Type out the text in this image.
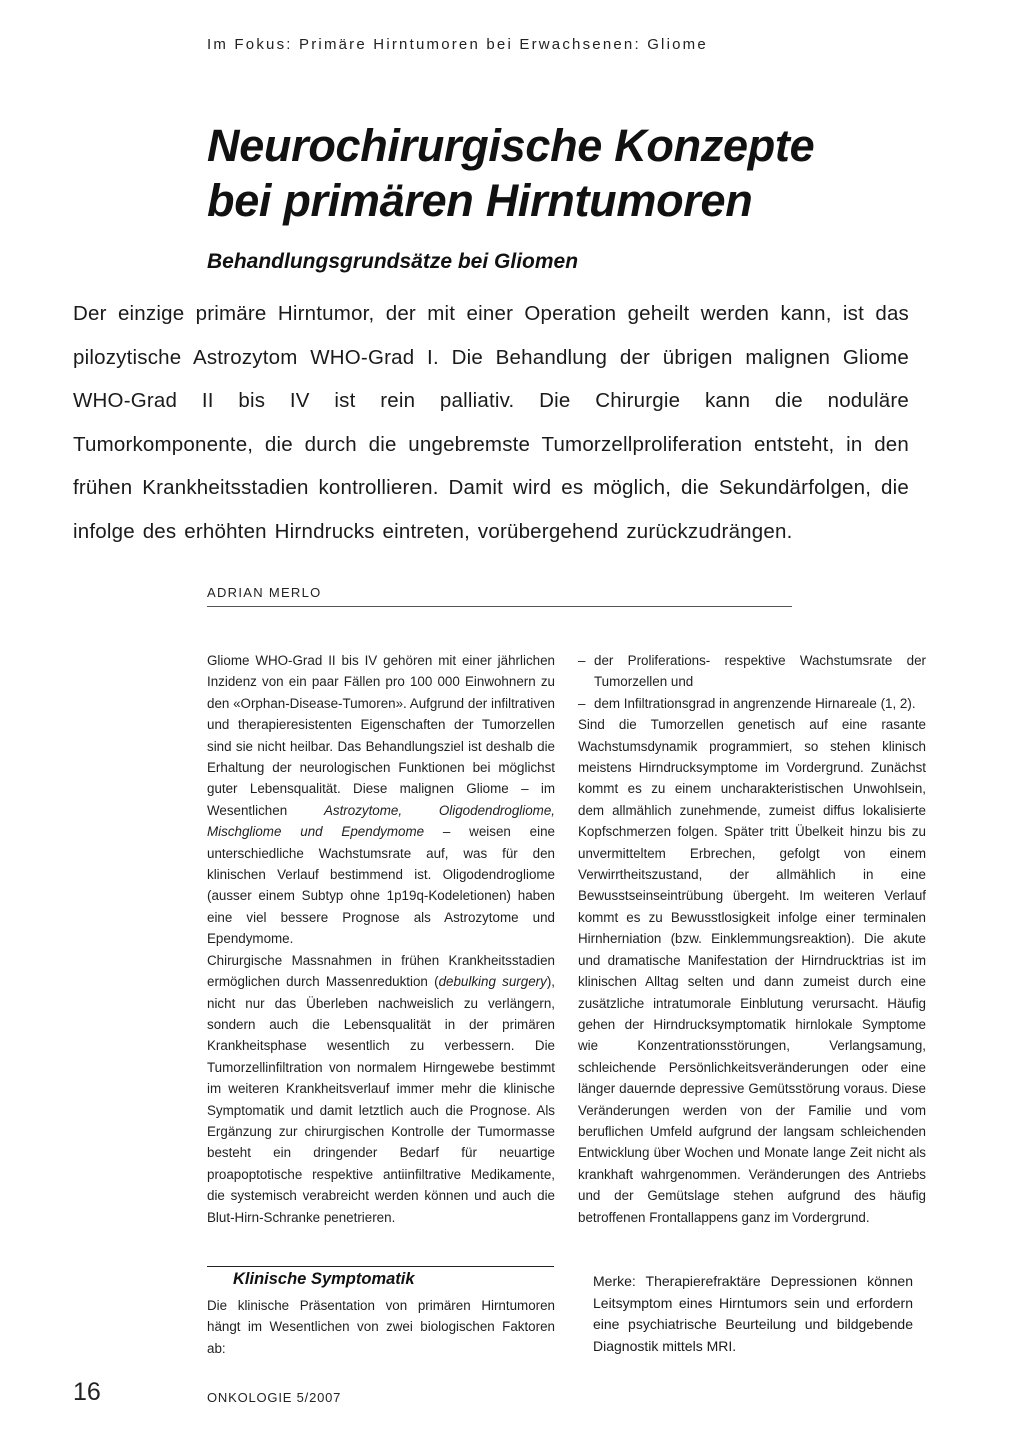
Im Fokus: Primäre Hirntumoren bei Erwachsenen: Gliome
Neurochirurgische Konzepte
bei primären Hirntumoren
Behandlungsgrundsätze bei Gliomen

Der einzige primäre Hirntumor, der mit einer Operation geheilt werden kann, ist das pilozytische Astrozytom WHO-Grad I. Die Behandlung der übrigen malignen Gliome WHO-Grad II bis IV ist rein palliativ. Die Chirurgie kann die noduläre Tumorkomponente, die durch die ungebremste Tumorzellproliferation entsteht, in den frühen Krankheitsstadien kontrollieren. Damit wird es möglich, die Sekundärfolgen, die infolge des erhöhten Hirndrucks eintreten, vorübergehend zurückzudrängen.

ADRIAN MERLO

Gliome WHO-Grad II bis IV gehören mit einer jährlichen Inzidenz von ein paar Fällen pro 100 000 Einwohnern zu den «Orphan-Disease-Tumoren». Aufgrund der infiltrativen und therapieresistenten Eigenschaften der Tumorzellen sind sie nicht heilbar. Das Behandlungsziel ist deshalb die Erhaltung der neurologischen Funktionen bei möglichst guter Lebensqualität. Diese malignen Gliome – im Wesentlichen Astrozytome, Oligodendrogliome, Mischgliome und Ependymome – weisen eine unterschiedliche Wachstumsrate auf, was für den klinischen Verlauf bestimmend ist. Oligodendrogliome (ausser einem Subtyp ohne 1p19q-Kodeletionen) haben eine viel bessere Prognose als Astrozytome und Ependymome.

Chirurgische Massnahmen in frühen Krankheitsstadien ermöglichen durch Massenreduktion (debulking surgery), nicht nur das Überleben nachweislich zu verlängern, sondern auch die Lebensqualität in der primären Krankheitsphase wesentlich zu verbessern. Die Tumorzellinfiltration von normalem Hirngewebe bestimmt im weiteren Krankheitsverlauf immer mehr die klinische Symptomatik und damit letztlich auch die Prognose. Als Ergänzung zur chirurgischen Kontrolle der Tumormasse besteht ein dringender Bedarf für neuartige proapoptotische respektive antiinfiltrative Medikamente, die systemisch verabreicht werden können und auch die Blut-Hirn-Schranke penetrieren.

– der Proliferations- respektive Wachstumsrate der Tumorzellen und
– dem Infiltrationsgrad in angrenzende Hirnareale (1, 2).

Sind die Tumorzellen genetisch auf eine rasante Wachstumsdynamik programmiert, so stehen klinisch meistens Hirndrucksymptome im Vordergrund. Zunächst kommt es zu einem uncharakteristischen Unwohlsein, dem allmählich zunehmende, zumeist diffus lokalisierte Kopfschmerzen folgen. Später tritt Übelkeit hinzu bis zu unvermitteltem Erbrechen, gefolgt von einem Verwirrtheitszustand, der allmählich in eine Bewusstseinseintrübung übergeht. Im weiteren Verlauf kommt es zu Bewusstlosigkeit infolge einer terminalen Hirnherniation (bzw. Einklemmungsreaktion). Die akute und dramatische Manifestation der Hirndrucktrias ist im klinischen Alltag selten und dann zumeist durch eine zusätzliche intratumorale Einblutung verursacht. Häufig gehen der Hirndrucksymptomatik hirnlokale Symptome wie Konzentrationsstörungen, Verlangsamung, schleichende Persönlichkeitsveränderungen oder eine länger dauernde depressive Gemütsstörung voraus. Diese Veränderungen werden von der Familie und vom beruflichen Umfeld aufgrund der langsam schleichenden Entwicklung über Wochen und Monate lange Zeit nicht als krankhaft wahrgenommen. Veränderungen des Antriebs und der Gemütslage stehen aufgrund des häufig betroffenen Frontallappens ganz im Vordergrund.

Klinische Symptomatik

Die klinische Präsentation von primären Hirntumoren hängt im Wesentlichen von zwei biologischen Faktoren ab:

Merke: Therapierefraktäre Depressionen können Leitsymptom eines Hirntumors sein und erfordern eine psychiatrische Beurteilung und bildgebende Diagnostik mittels MRI.

16	ONKOLOGIE 5/2007
